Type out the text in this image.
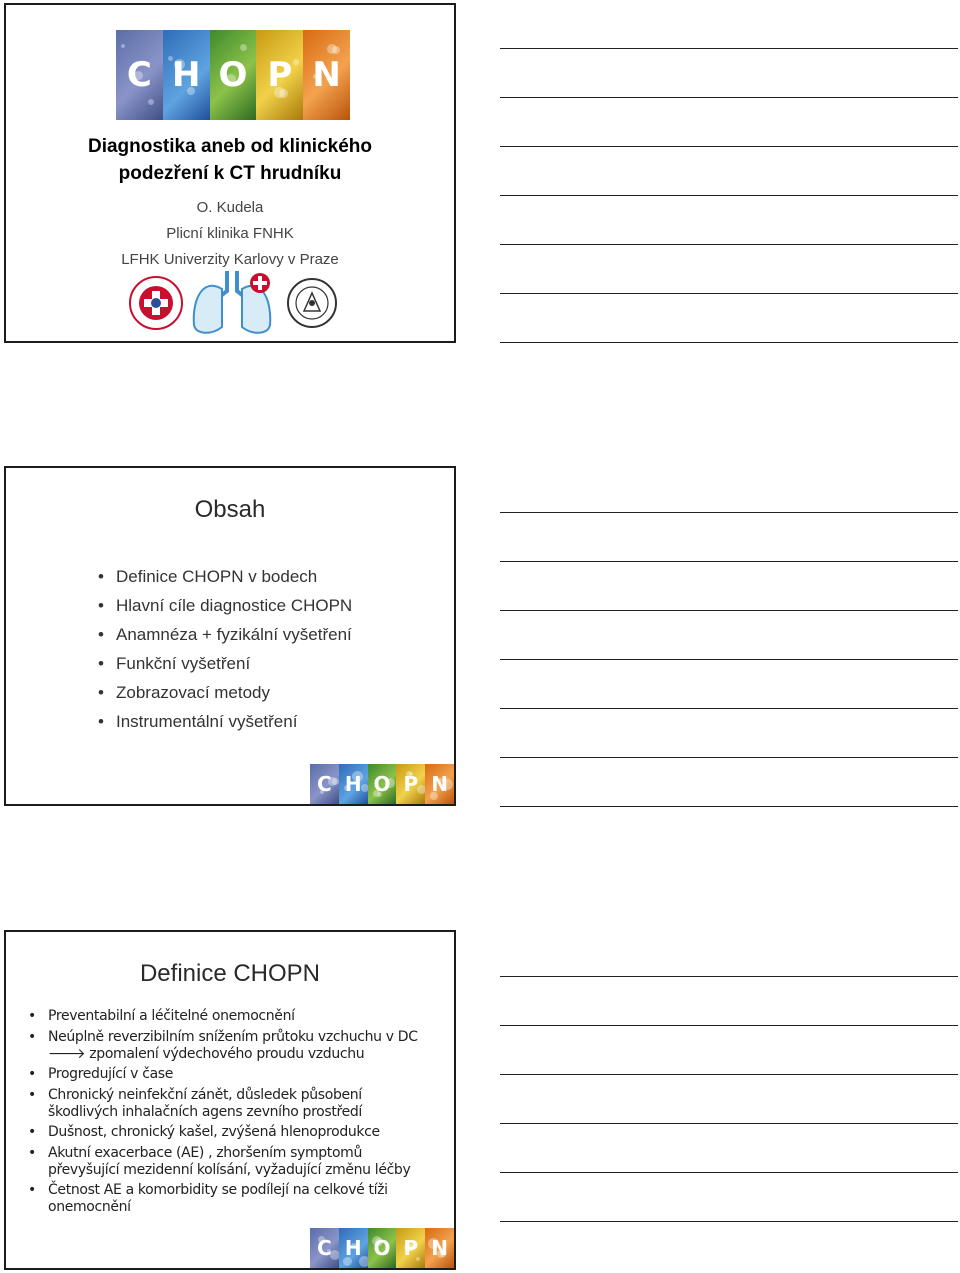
C H O P N
Diagnostika aneb od klinického
podezření k CT hrudníku
O. Kudela
Plicní klinika FNHK
LFHK Univerzity Karlovy v Praze
Obsah
• Definice CHOPN v bodech
• Hlavní cíle diagnostice CHOPN
• Anamnéza + fyzikální vyšetření
• Funkční vyšetření
• Zobrazovací metody
• Instrumentální vyšetření
C H O P N
Definice CHOPN
• Preventabilní a léčitelné onemocnění
• Neúplně reverzibilním snížením průtoku vzchuchu v DC
🡒 zpomalení výdechového proudu vzduchu
• Progredující v čase
• Chronický neinfekční zánět, důsledek působení
škodlivých inhalačních agens zevního prostředí
• Dušnost, chronický kašel, zvýšená hlenoprodukce
• Akutní exacerbace (AE) , zhoršením symptomů
převyšující mezidenní kolísání, vyžadující změnu léčby
• Četnost AE a komorbidity se podílejí na celkové tíži
onemocnění
C H O P N
